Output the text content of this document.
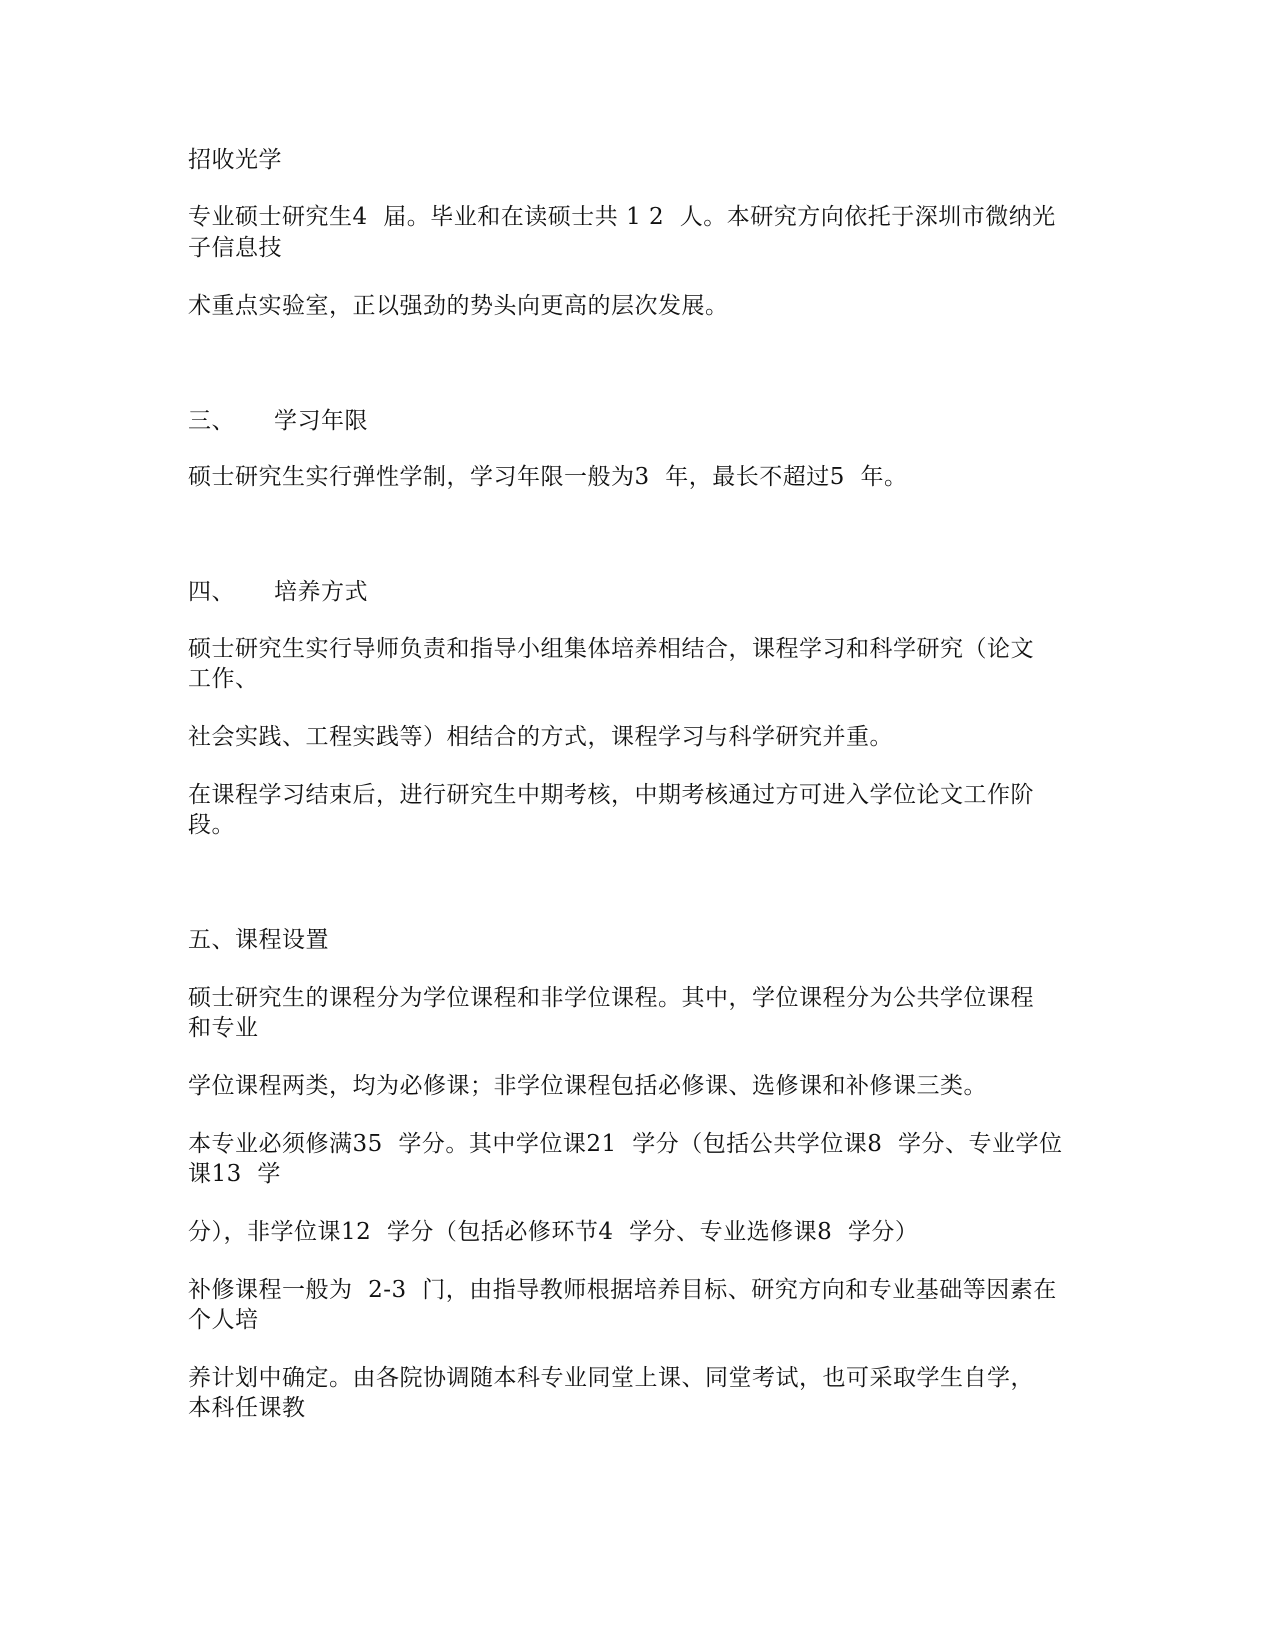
招收光学
专业硕士研究生4  届。毕业和在读硕士共 1 2  人。本研究方向依托于深圳市微纳光
子信息技
术重点实验室，正以强劲的势头向更高的层次发展。
三、     学习年限
硕士研究生实行弹性学制，学习年限一般为3  年，最长不超过5  年。
四、     培养方式
硕士研究生实行导师负责和指导小组集体培养相结合，课程学习和科学研究（论文
工作、
社会实践、工程实践等）相结合的方式，课程学习与科学研究并重。
在课程学习结束后，进行研究生中期考核，中期考核通过方可进入学位论文工作阶
段。
五、课程设置
硕士研究生的课程分为学位课程和非学位课程。其中，学位课程分为公共学位课程
和专业
学位课程两类，均为必修课；非学位课程包括必修课、选修课和补修课三类。
本专业必须修满35  学分。其中学位课21  学分（包括公共学位课8  学分、专业学位
课13  学
分），非学位课12  学分（包括必修环节4  学分、专业选修课8  学分）
补修课程一般为  2-3  门，由指导教师根据培养目标、研究方向和专业基础等因素在
个人培
养计划中确定。由各院协调随本科专业同堂上课、同堂考试，也可采取学生自学，
本科任课教
